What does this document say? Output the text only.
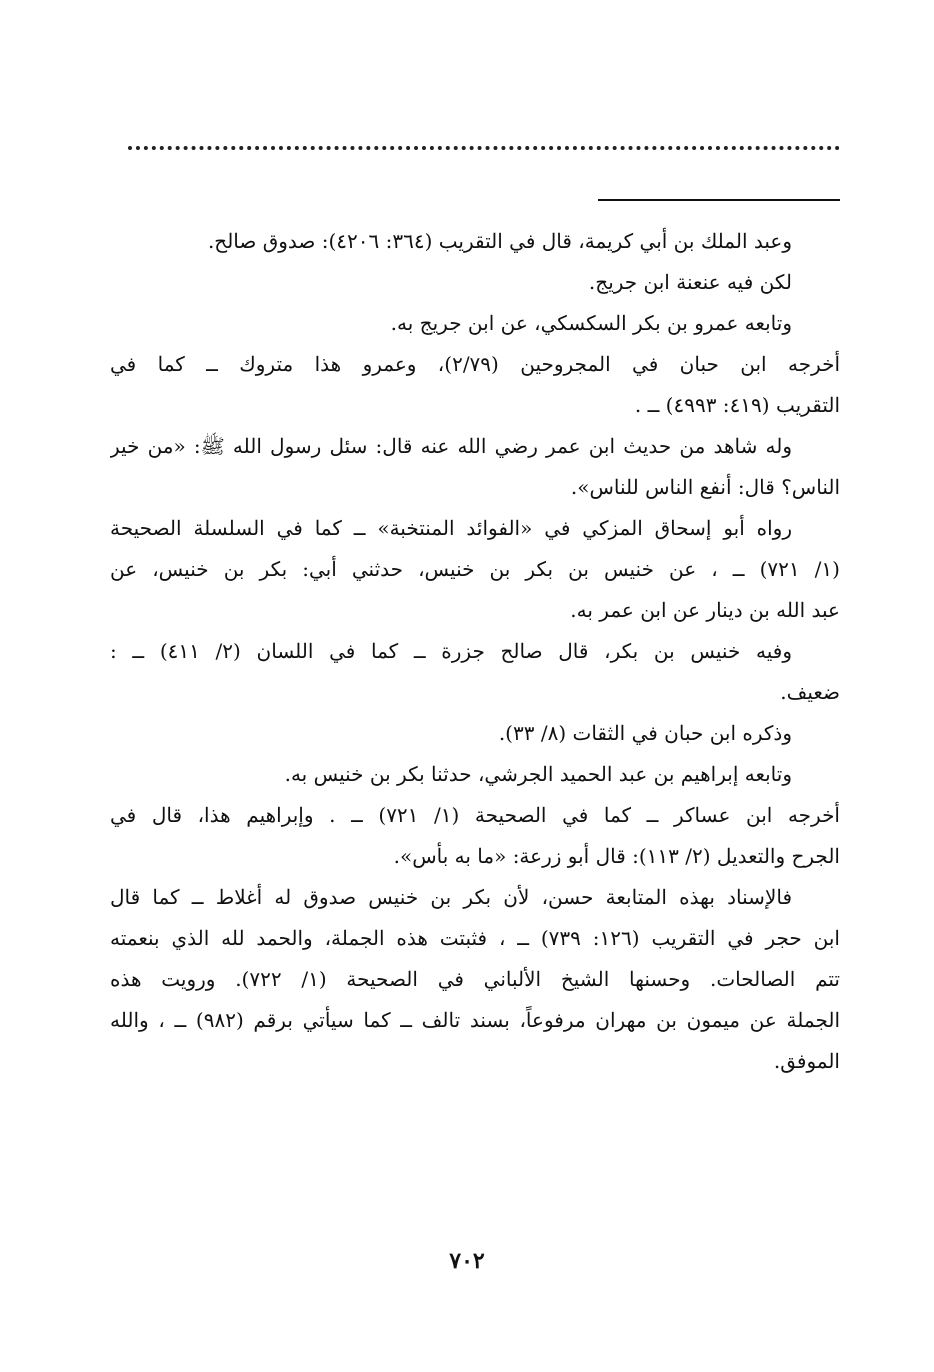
وعبد الملك بن أبي كريمة، قال في التقريب (٣٦٤: ٤٢٠٦): صدوق صالح.
لكن فيه عنعنة ابن جريج.
وتابعه عمرو بن بكر السكسكي، عن ابن جريج به.
أخرجه ابن حبان في المجروحين (٢/٧٩)، وعمرو هذا متروك ــ كما في
التقريب (٤١٩: ٤٩٩٣) ــ .
وله شاهد من حديث ابن عمر رضي الله عنه قال: سئل رسول الله ﷺ: «من خير
الناس؟ قال: أنفع الناس للناس».
رواه أبو إسحاق المزكي في «الفوائد المنتخبة» ــ كما في السلسلة الصحيحة
(١/ ٧٢١) ــ ، عن خنيس بن بكر بن خنيس، حدثني أبي: بكر بن خنيس، عن
عبد الله بن دينار عن ابن عمر به.
وفيه خنيس بن بكر، قال صالح جزرة ــ كما في اللسان (٢/ ٤١١) ــ :
ضعيف.
وذكره ابن حبان في الثقات (٨/ ٣٣).
وتابعه إبراهيم بن عبد الحميد الجرشي، حدثنا بكر بن خنيس به.
أخرجه ابن عساكر ــ كما في الصحيحة (١/ ٧٢١) ــ . وإبراهيم هذا، قال في
الجرح والتعديل (٢/ ١١٣): قال أبو زرعة: «ما به بأس».
فالإسناد بهذه المتابعة حسن، لأن بكر بن خنيس صدوق له أغلاط ــ كما قال
ابن حجر في التقريب (١٢٦: ٧٣٩) ــ ، فثبتت هذه الجملة، والحمد لله الذي بنعمته
تتم الصالحات. وحسنها الشيخ الألباني في الصحيحة (١/ ٧٢٢). ورويت هذه
الجملة عن ميمون بن مهران مرفوعاً، بسند تالف ــ كما سيأتي برقم (٩٨٢) ــ ، والله
الموفق.
٧٠٢
